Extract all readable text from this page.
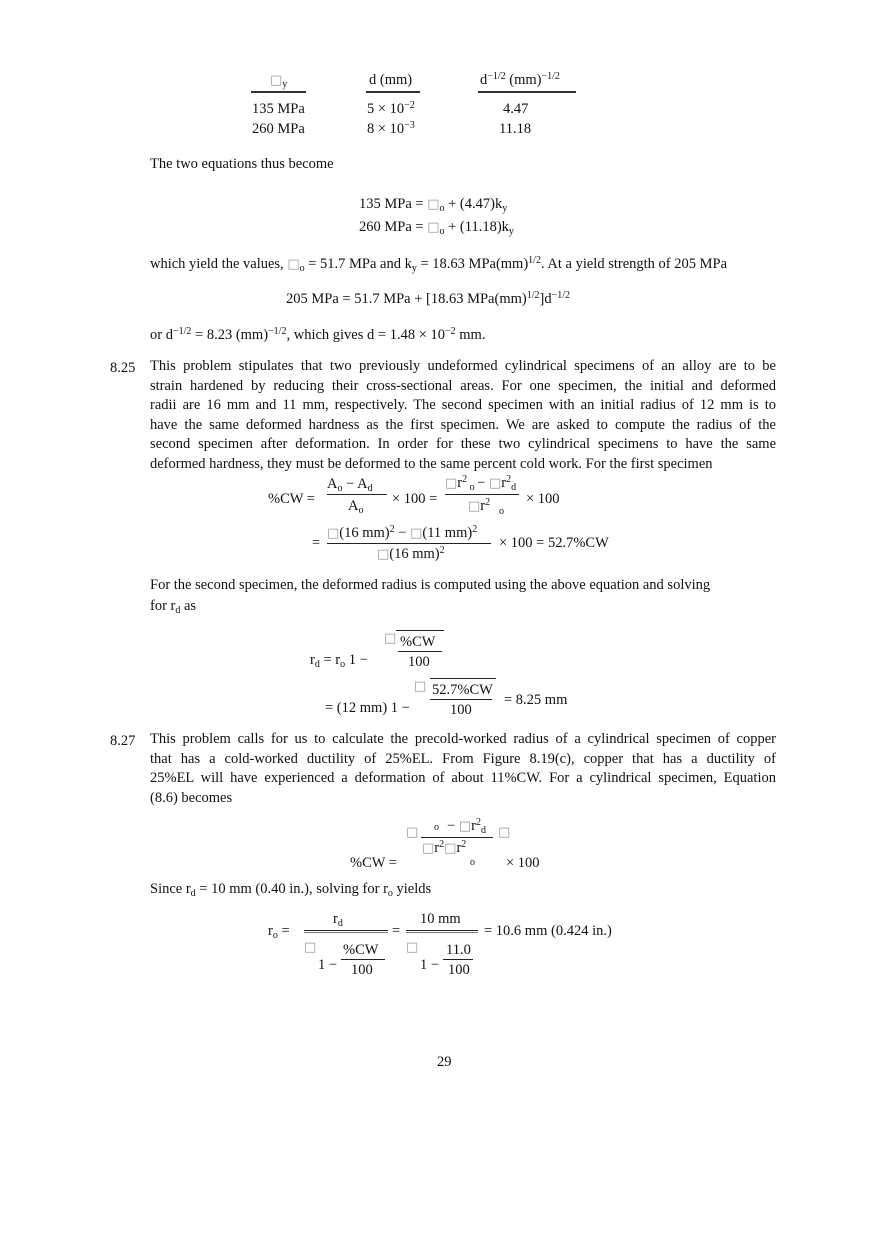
$□_y$	d (mm)	$d^{-1/2}$ (mm)$^{-1/2}$
135 MPa	$5 \times 10^{-2}$	4.47
260 MPa	$8 \times 10^{-3}$	11.18
The two equations thus become
135 MPa = $□_o + (4.47)k_y$
260 MPa = $□_o + (11.18)k_y$
which yield the values, $□_o = 51.7$ MPa and $k_y = 18.63$ MPa(mm)$^{1/2}$. At a yield strength of 205 MPa
205 MPa = 51.7 MPa + [18.63 $MPa(mm)^{1/2}]d^{-1/2}$
or $d^{-1/2} = 8.23$ (mm)$^{-1/2}$, which gives $d = 1.48 \times 10^{-2}$ mm.
8.25 This problem stipulates that two previously undeformed cylindrical specimens of an alloy are to be
strain hardened by reducing their cross-sectional areas. For one specimen, the initial and deformed
radii are 16 mm and 11 mm, respectively. The second specimen with an initial radius of 12 mm is to
have the same deformed hardness as the first specimen. We are asked to compute the radius of the
second specimen after deformation. In order for these two cylindrical specimens to have the same
deformed hardness, they must be deformed to the same percent cold work. For the first specimen
%CW =
$A_o - A_d$
$A_o$
× 100 =
$□r^2$ $_o - □r^2_d$
$□r^2$
o
× 100
=
□(16 mm)$^2$ − □(11 mm)$^2$
□(16 mm)$^2$	× 100 = 52.7%CW
For the second specimen, the deformed radius is computed using the above equation and solving
for $r_d$ as
□
$r_d = r_o$ 1 −
%CW
100
□
= (12 mm) 1 −
52.7%CW
100
= 8.25 mm
8.27 This problem calls for us to calculate the precold-worked radius of a cylindrical specimen of copper
that has a cold-worked ductility of 25%EL. From Figure 8.19(c), copper that has a ductility of
25%EL will have experienced a deformation of about 11%CW. For a cylindrical specimen, Equation
(8.6) becomes
□ $o - □r^2_d$ □
$□r^2□r^2$
%CW =	× 100
o
Since $r_d = 10$ mm (0.40 in.), solving for $r_o$ yields
$r_o$ =
$r_d$	=
10 mm
= 10.6 mm (0.424 in.)
□
1 −
%CW
100
□
1 −
11.0
100
29
